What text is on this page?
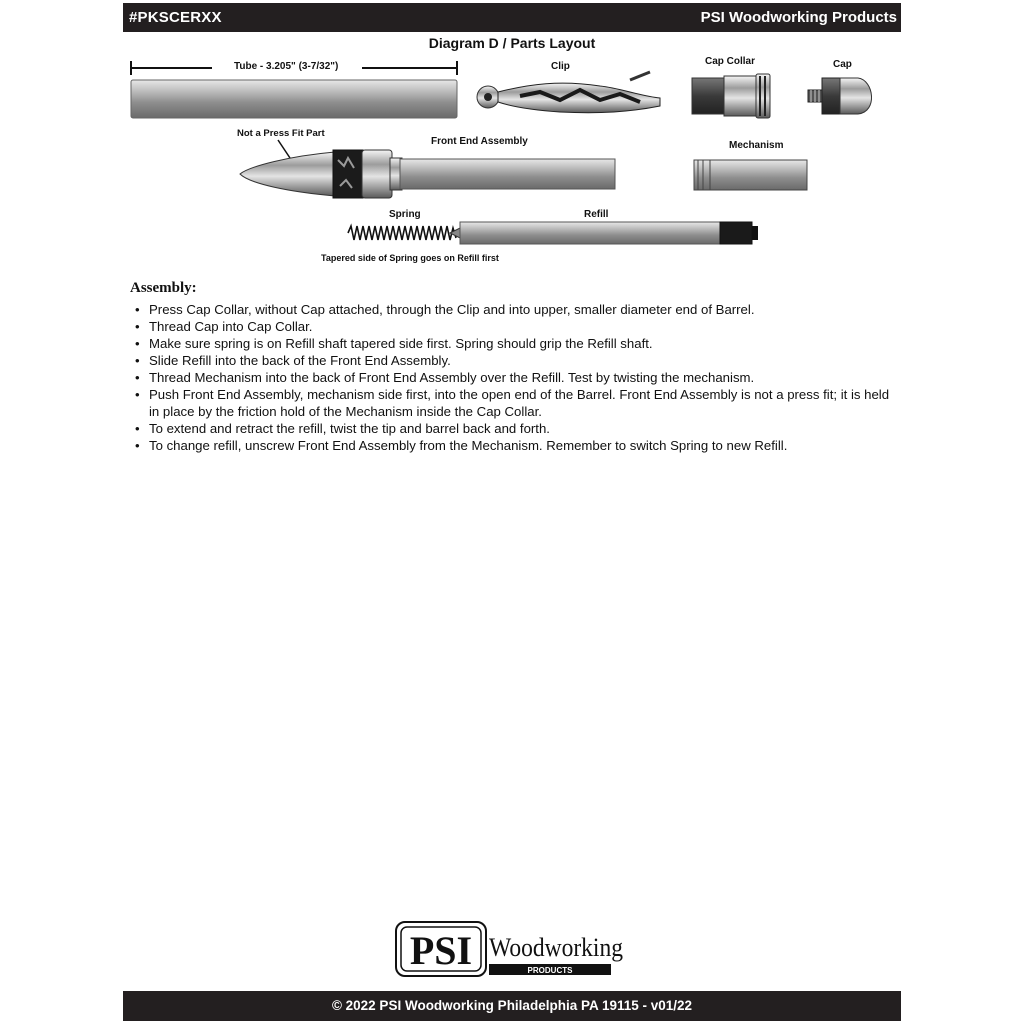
#PKSCERXX	PSI Woodworking Products
Diagram D / Parts Layout
Tube - 3.205" (3-7/32")	Clip	Cap Collar	Cap
Not a Press Fit Part
Front End Assembly	Mechanism
Spring	Refill
Tapered side of Spring goes on Refill first
Assembly:
• Press Cap Collar, without Cap attached, through the Clip and into upper, smaller diameter end of Barrel.
• Thread Cap into Cap Collar.
• Make sure spring is on Refill shaft tapered side first. Spring should grip the Refill shaft.
• Slide Refill into the back of the Front End Assembly.
• Thread Mechanism into the back of Front End Assembly over the Refill. Test by twisting the mechanism.
• Push Front End Assembly, mechanism side first, into the open end of the Barrel. Front End Assembly is not a press fit; it is held in place by the friction hold of the Mechanism inside the Cap Collar.
• To extend and retract the refill, twist the tip and barrel back and forth.
• To change refill, unscrew Front End Assembly from the Mechanism. Remember to switch Spring to new Refill.
PSI Woodworking
PRODUCTS
© 2022 PSI Woodworking Philadelphia PA 19115 - v01/22
